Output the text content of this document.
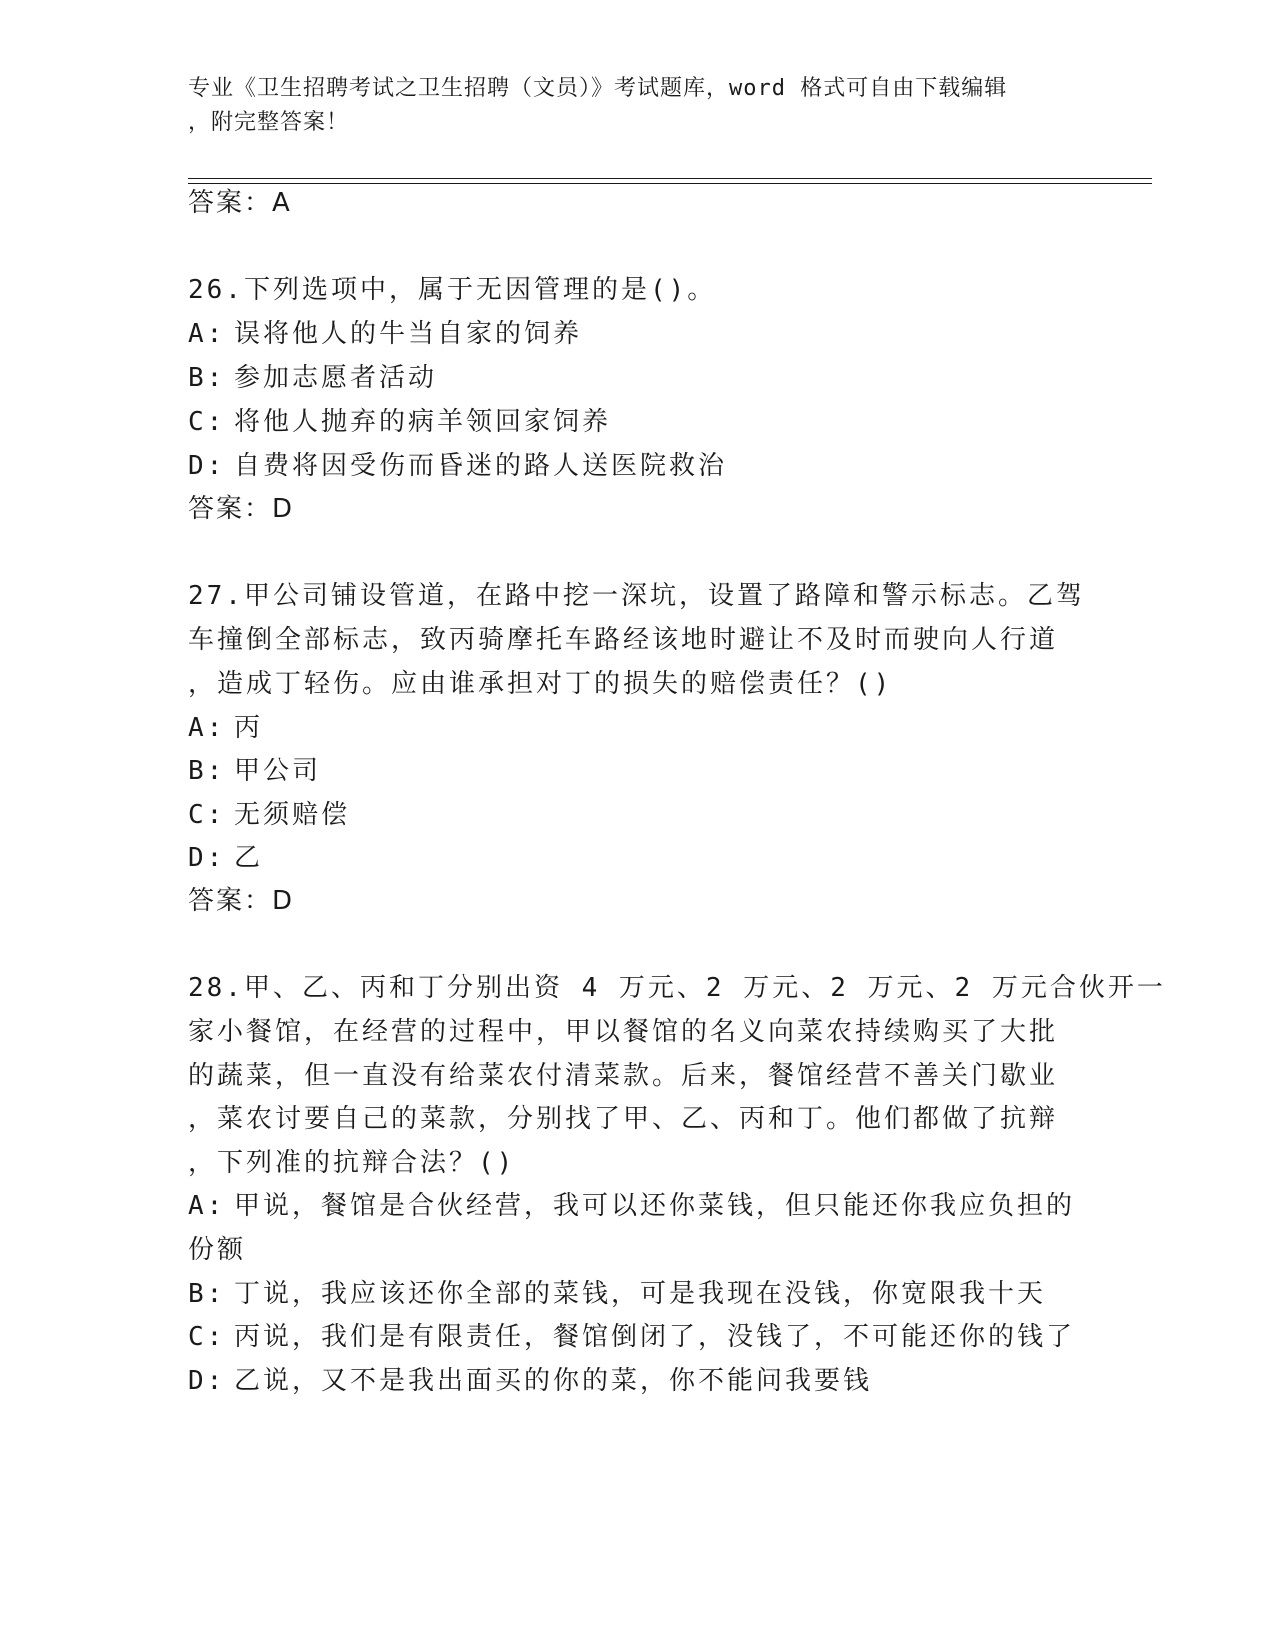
专业《卫生招聘考试之卫生招聘（文员）》考试题库，word 格式可自由下载编辑
，附完整答案！
答案：A
26.下列选项中，属于无因管理的是()。
A: 误将他人的牛当自家的饲养
B: 参加志愿者活动
C: 将他人抛弃的病羊领回家饲养
D: 自费将因受伤而昏迷的路人送医院救治
答案：D
27.甲公司铺设管道，在路中挖一深坑，设置了路障和警示标志。乙驾
车撞倒全部标志，致丙骑摩托车路经该地时避让不及时而驶向人行道
，造成丁轻伤。应由谁承担对丁的损失的赔偿责任？()
A: 丙
B: 甲公司
C: 无须赔偿
D: 乙
答案：D
28.甲、乙、丙和丁分别出资 4 万元、2 万元、2 万元、2 万元合伙开一
家小餐馆，在经营的过程中，甲以餐馆的名义向菜农持续购买了大批
的蔬菜，但一直没有给菜农付清菜款。后来，餐馆经营不善关门歇业
，菜农讨要自己的菜款，分别找了甲、乙、丙和丁。他们都做了抗辩
，下列准的抗辩合法？()
A: 甲说，餐馆是合伙经营，我可以还你菜钱，但只能还你我应负担的
份额
B: 丁说，我应该还你全部的菜钱，可是我现在没钱，你宽限我十天
C: 丙说，我们是有限责任，餐馆倒闭了，没钱了，不可能还你的钱了
D: 乙说，又不是我出面买的你的菜，你不能问我要钱
